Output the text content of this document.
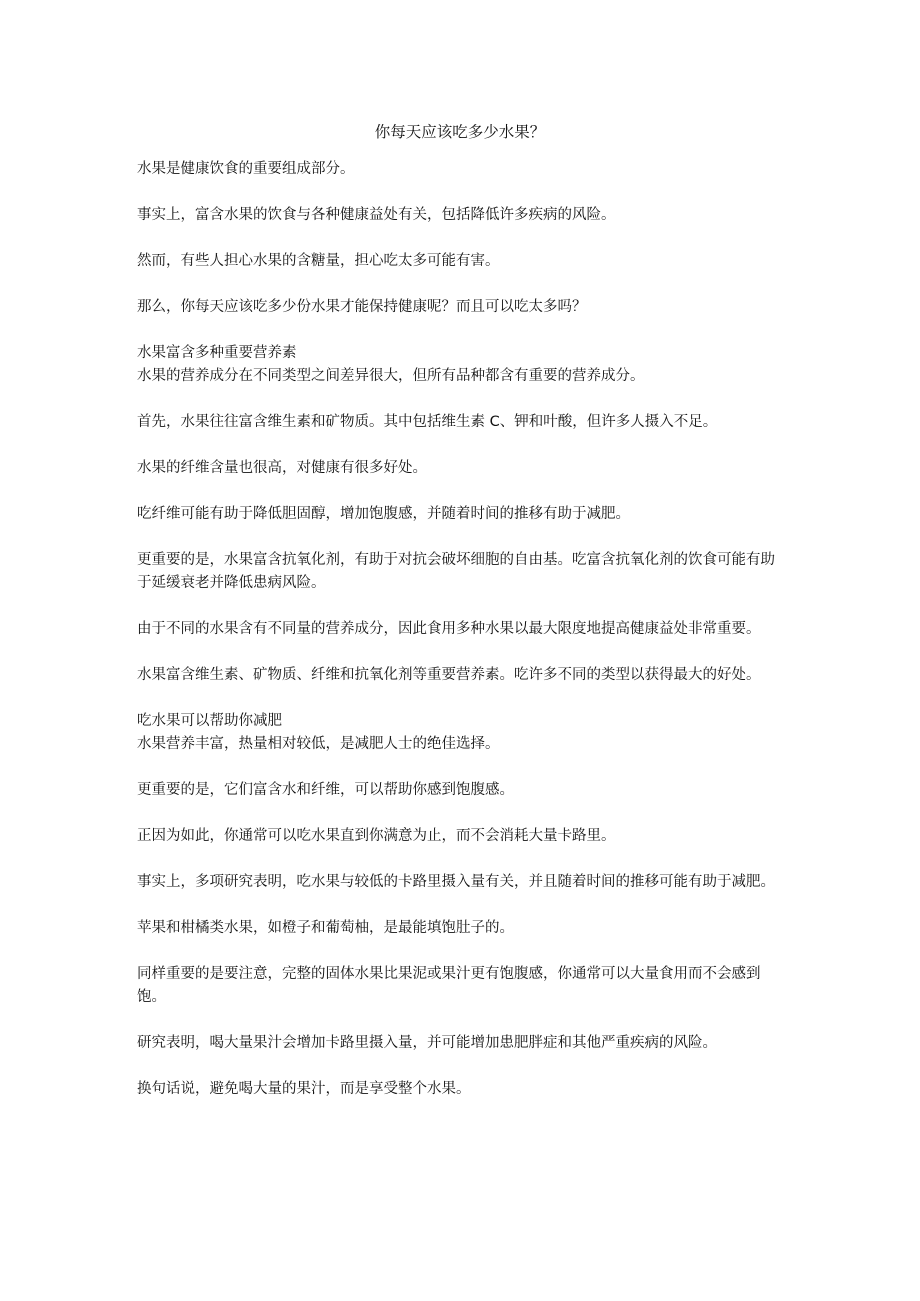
你每天应该吃多少水果？

水果是健康饮食的重要组成部分。

事实上，富含水果的饮食与各种健康益处有关，包括降低许多疾病的风险。

然而，有些人担心水果的含糖量，担心吃太多可能有害。

那么，你每天应该吃多少份水果才能保持健康呢？而且可以吃太多吗？

水果富含多种重要营养素

水果的营养成分在不同类型之间差异很大，但所有品种都含有重要的营养成分。

首先，水果往往富含维生素和矿物质。其中包括维生素 C、钾和叶酸，但许多人摄入不足。

水果的纤维含量也很高，对健康有很多好处。

吃纤维可能有助于降低胆固醇，增加饱腹感，并随着时间的推移有助于减肥。

更重要的是，水果富含抗氧化剂，有助于对抗会破坏细胞的自由基。吃富含抗氧化剂的饮食可能有助于延缓衰老并降低患病风险。

由于不同的水果含有不同量的营养成分，因此食用多种水果以最大限度地提高健康益处非常重要。

水果富含维生素、矿物质、纤维和抗氧化剂等重要营养素。吃许多不同的类型以获得最大的好处。

吃水果可以帮助你减肥

水果营养丰富，热量相对较低，是减肥人士的绝佳选择。

更重要的是，它们富含水和纤维，可以帮助你感到饱腹感。

正因为如此，你通常可以吃水果直到你满意为止，而不会消耗大量卡路里。

事实上，多项研究表明，吃水果与较低的卡路里摄入量有关，并且随着时间的推移可能有助于减肥。

苹果和柑橘类水果，如橙子和葡萄柚，是最能填饱肚子的。

同样重要的是要注意，完整的固体水果比果泥或果汁更有饱腹感，你通常可以大量食用而不会感到饱。

研究表明，喝大量果汁会增加卡路里摄入量，并可能增加患肥胖症和其他严重疾病的风险。

换句话说，避免喝大量的果汁，而是享受整个水果。
